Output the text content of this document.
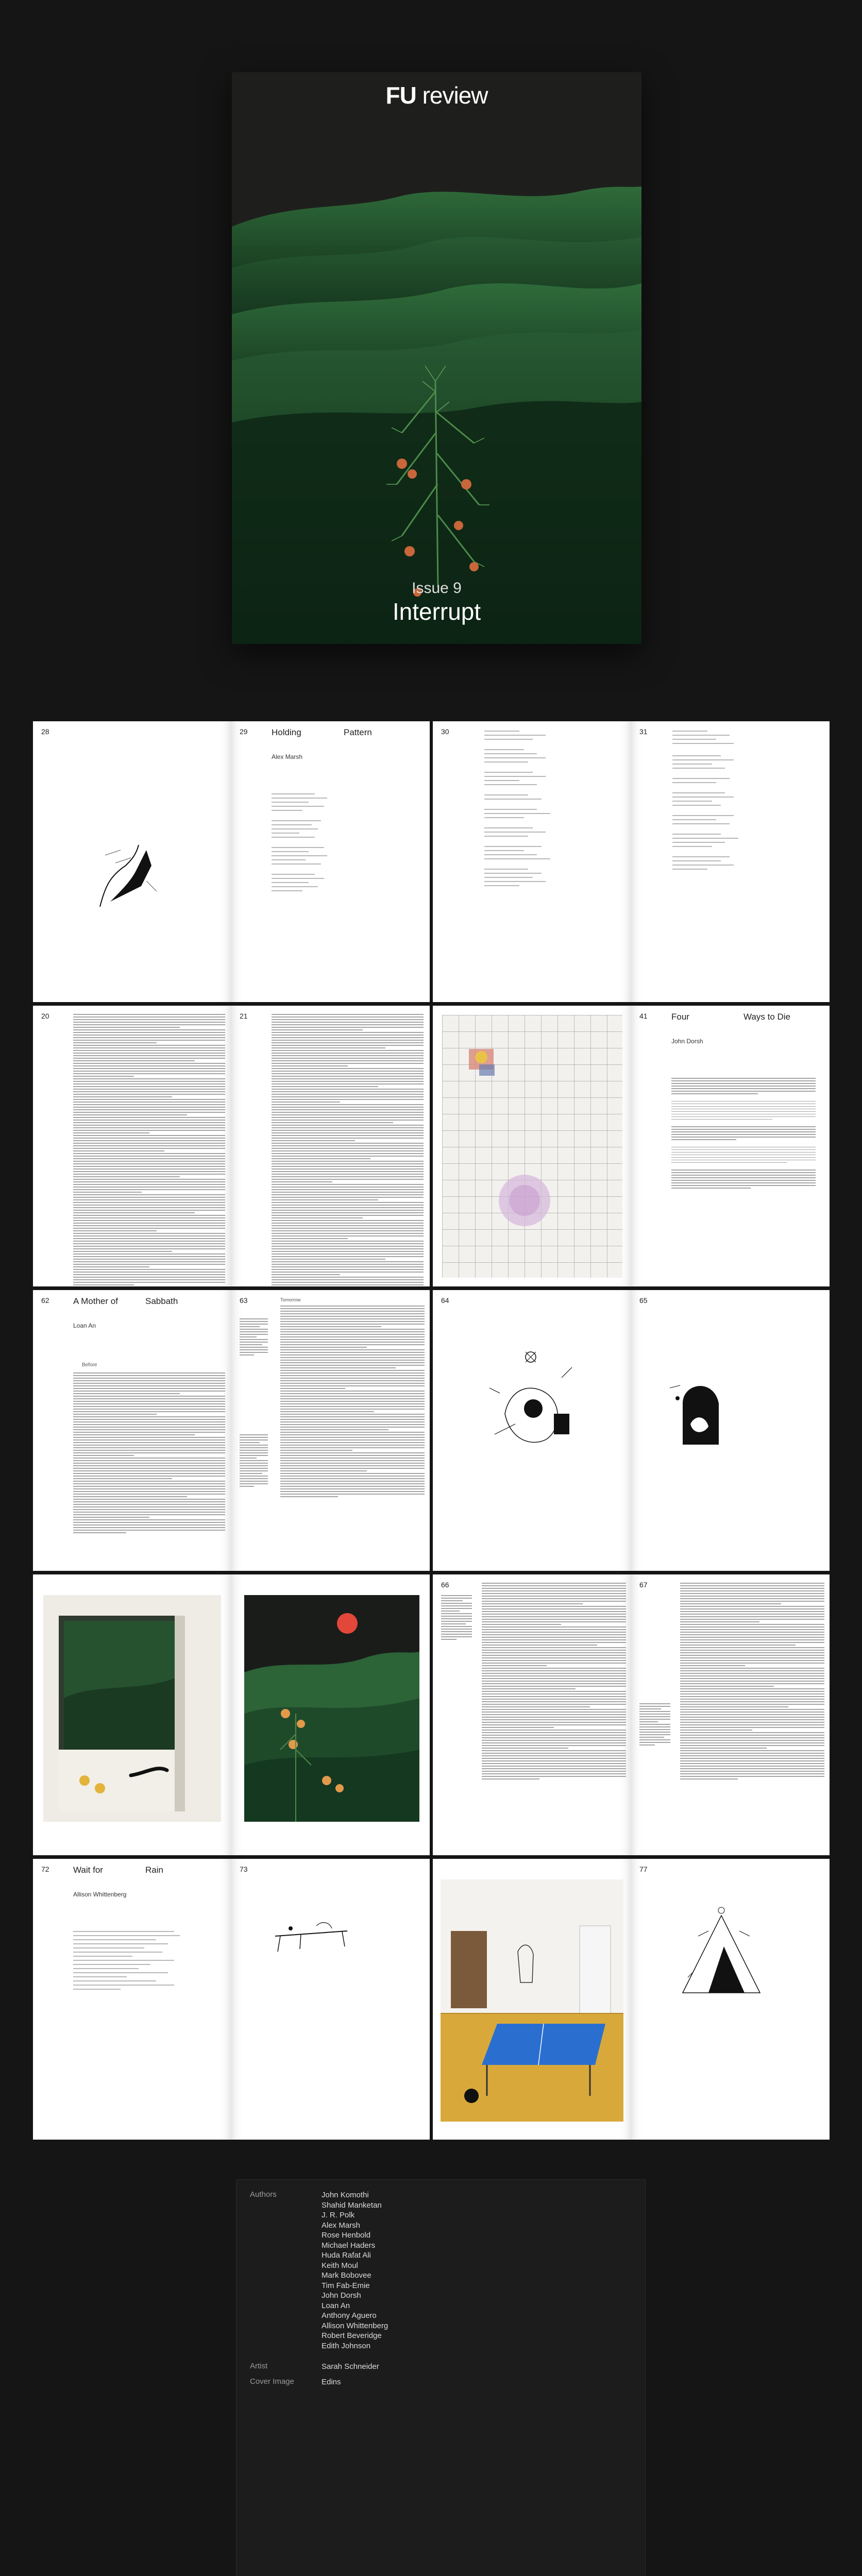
FU review
Issue 9
Interrupt
28	29	Holding	Pattern
Alex Marsh
30	31
20	21	41	Four	Ways to Die
John Dorsh
62	A Mother of	Sabbath
Loan An
Before
63	Tomorrow	64	65
66	67
72	Wait for	Rain
Allison Whittenberg
73	77
Authors	John Komothi
Shahid Manketan
J. R. Polk
Alex Marsh
Rose Henbold
Michael Haders
Huda Rafat Ali
Keith Moul
Mark Bobovee
Tim Fab-Emie
John Dorsh
Loan An
Anthony Aguero
Allison Whittenberg
Robert Beveridge
Edith Johnson
Artist	Sarah Schneider
Cover Image	Edins
